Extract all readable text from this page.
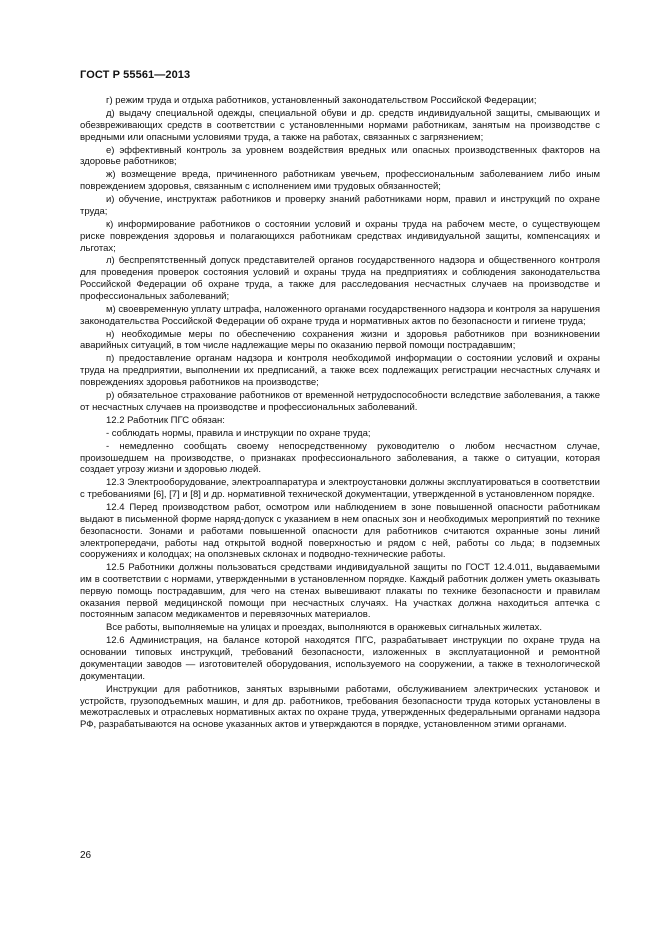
ГОСТ Р 55561—2013

г) режим труда и отдыха работников, установленный законодательством Российской Федерации;

д) выдачу специальной одежды, специальной обуви и др. средств индивидуальной защиты, смывающих и обезвреживающих средств в соответствии с установленными нормами работникам, занятым на производстве с вредными или опасными условиями труда, а также на работах, связанных с загрязнением;

е) эффективный контроль за уровнем воздействия вредных или опасных производственных факторов на здоровье работников;

ж) возмещение вреда, причиненного работникам увечьем, профессиональным заболеванием либо иным повреждением здоровья, связанным с исполнением ими трудовых обязанностей;

и) обучение, инструктаж работников и проверку знаний работниками норм, правил и инструкций по охране труда;

к) информирование работников о состоянии условий и охраны труда на рабочем месте, о существующем риске повреждения здоровья и полагающихся работникам средствах индивидуальной защиты, компенсациях и льготах;

л) беспрепятственный допуск представителей органов государственного надзора и общественного контроля для проведения проверок состояния условий и охраны труда на предприятиях и соблюдения законодательства Российской Федерации об охране труда, а также для расследования несчастных случаев на производстве и профессиональных заболеваний;

м) своевременную уплату штрафа, наложенного органами государственного надзора и контроля за нарушения законодательства Российской Федерации об охране труда и нормативных актов по безопасности и гигиене труда;

н) необходимые меры по обеспечению сохранения жизни и здоровья работников при возникновении аварийных ситуаций, в том числе надлежащие меры по оказанию первой помощи пострадавшим;

п) предоставление органам надзора и контроля необходимой информации о состоянии условий и охраны труда на предприятии, выполнении их предписаний, а также всех подлежащих регистрации несчастных случаях и повреждениях здоровья работников на производстве;

р) обязательное страхование работников от временной нетрудоспособности вследствие заболевания, а также от несчастных случаев на производстве и профессиональных заболеваний.

12.2 Работник ПГС обязан:

- соблюдать нормы, правила и инструкции по охране труда;

- немедленно сообщать своему непосредственному руководителю о любом несчастном случае, произошедшем на производстве, о признаках профессионального заболевания, а также о ситуации, которая создает угрозу жизни и здоровью людей.

12.3 Электрооборудование, электроаппаратура и электроустановки должны эксплуатироваться в соответствии с требованиями [6], [7] и [8] и др. нормативной технической документации, утвержденной в установленном порядке.

12.4 Перед производством работ, осмотром или наблюдением в зоне повышенной опасности работникам выдают в письменной форме наряд-допуск с указанием в нем опасных зон и необходимых мероприятий по технике безопасности. Зонами и работами повышенной опасности для работников считаются охранные зоны линий электропередачи, работы над открытой водной поверхностью и рядом с ней, работы со льда; в подземных сооружениях и колодцах; на оползневых склонах и подводно-технические работы.

12.5 Работники должны пользоваться средствами индивидуальной защиты по ГОСТ 12.4.011, выдаваемыми им в соответствии с нормами, утвержденными в установленном порядке. Каждый работник должен уметь оказывать первую помощь пострадавшим, для чего на стенах вывешивают плакаты по технике безопасности и правилам оказания первой медицинской помощи при несчастных случаях. На участках должна находиться аптечка с постоянным запасом медикаментов и перевязочных материалов.

Все работы, выполняемые на улицах и проездах, выполняются в оранжевых сигнальных жилетах.

12.6 Администрация, на балансе которой находятся ПГС, разрабатывает инструкции по охране труда на основании типовых инструкций, требований безопасности, изложенных в эксплуатационной и ремонтной документации заводов — изготовителей оборудования, используемого на сооружении, а также в технологической документации.

Инструкции для работников, занятых взрывными работами, обслуживанием электрических установок и устройств, грузоподъемных машин, и для др. работников, требования безопасности труда которых установлены в межотраслевых и отраслевых нормативных актах по охране труда, утвержденных федеральными органами надзора РФ, разрабатываются на основе указанных актов и утверждаются в порядке, установленном этими органами.

26
